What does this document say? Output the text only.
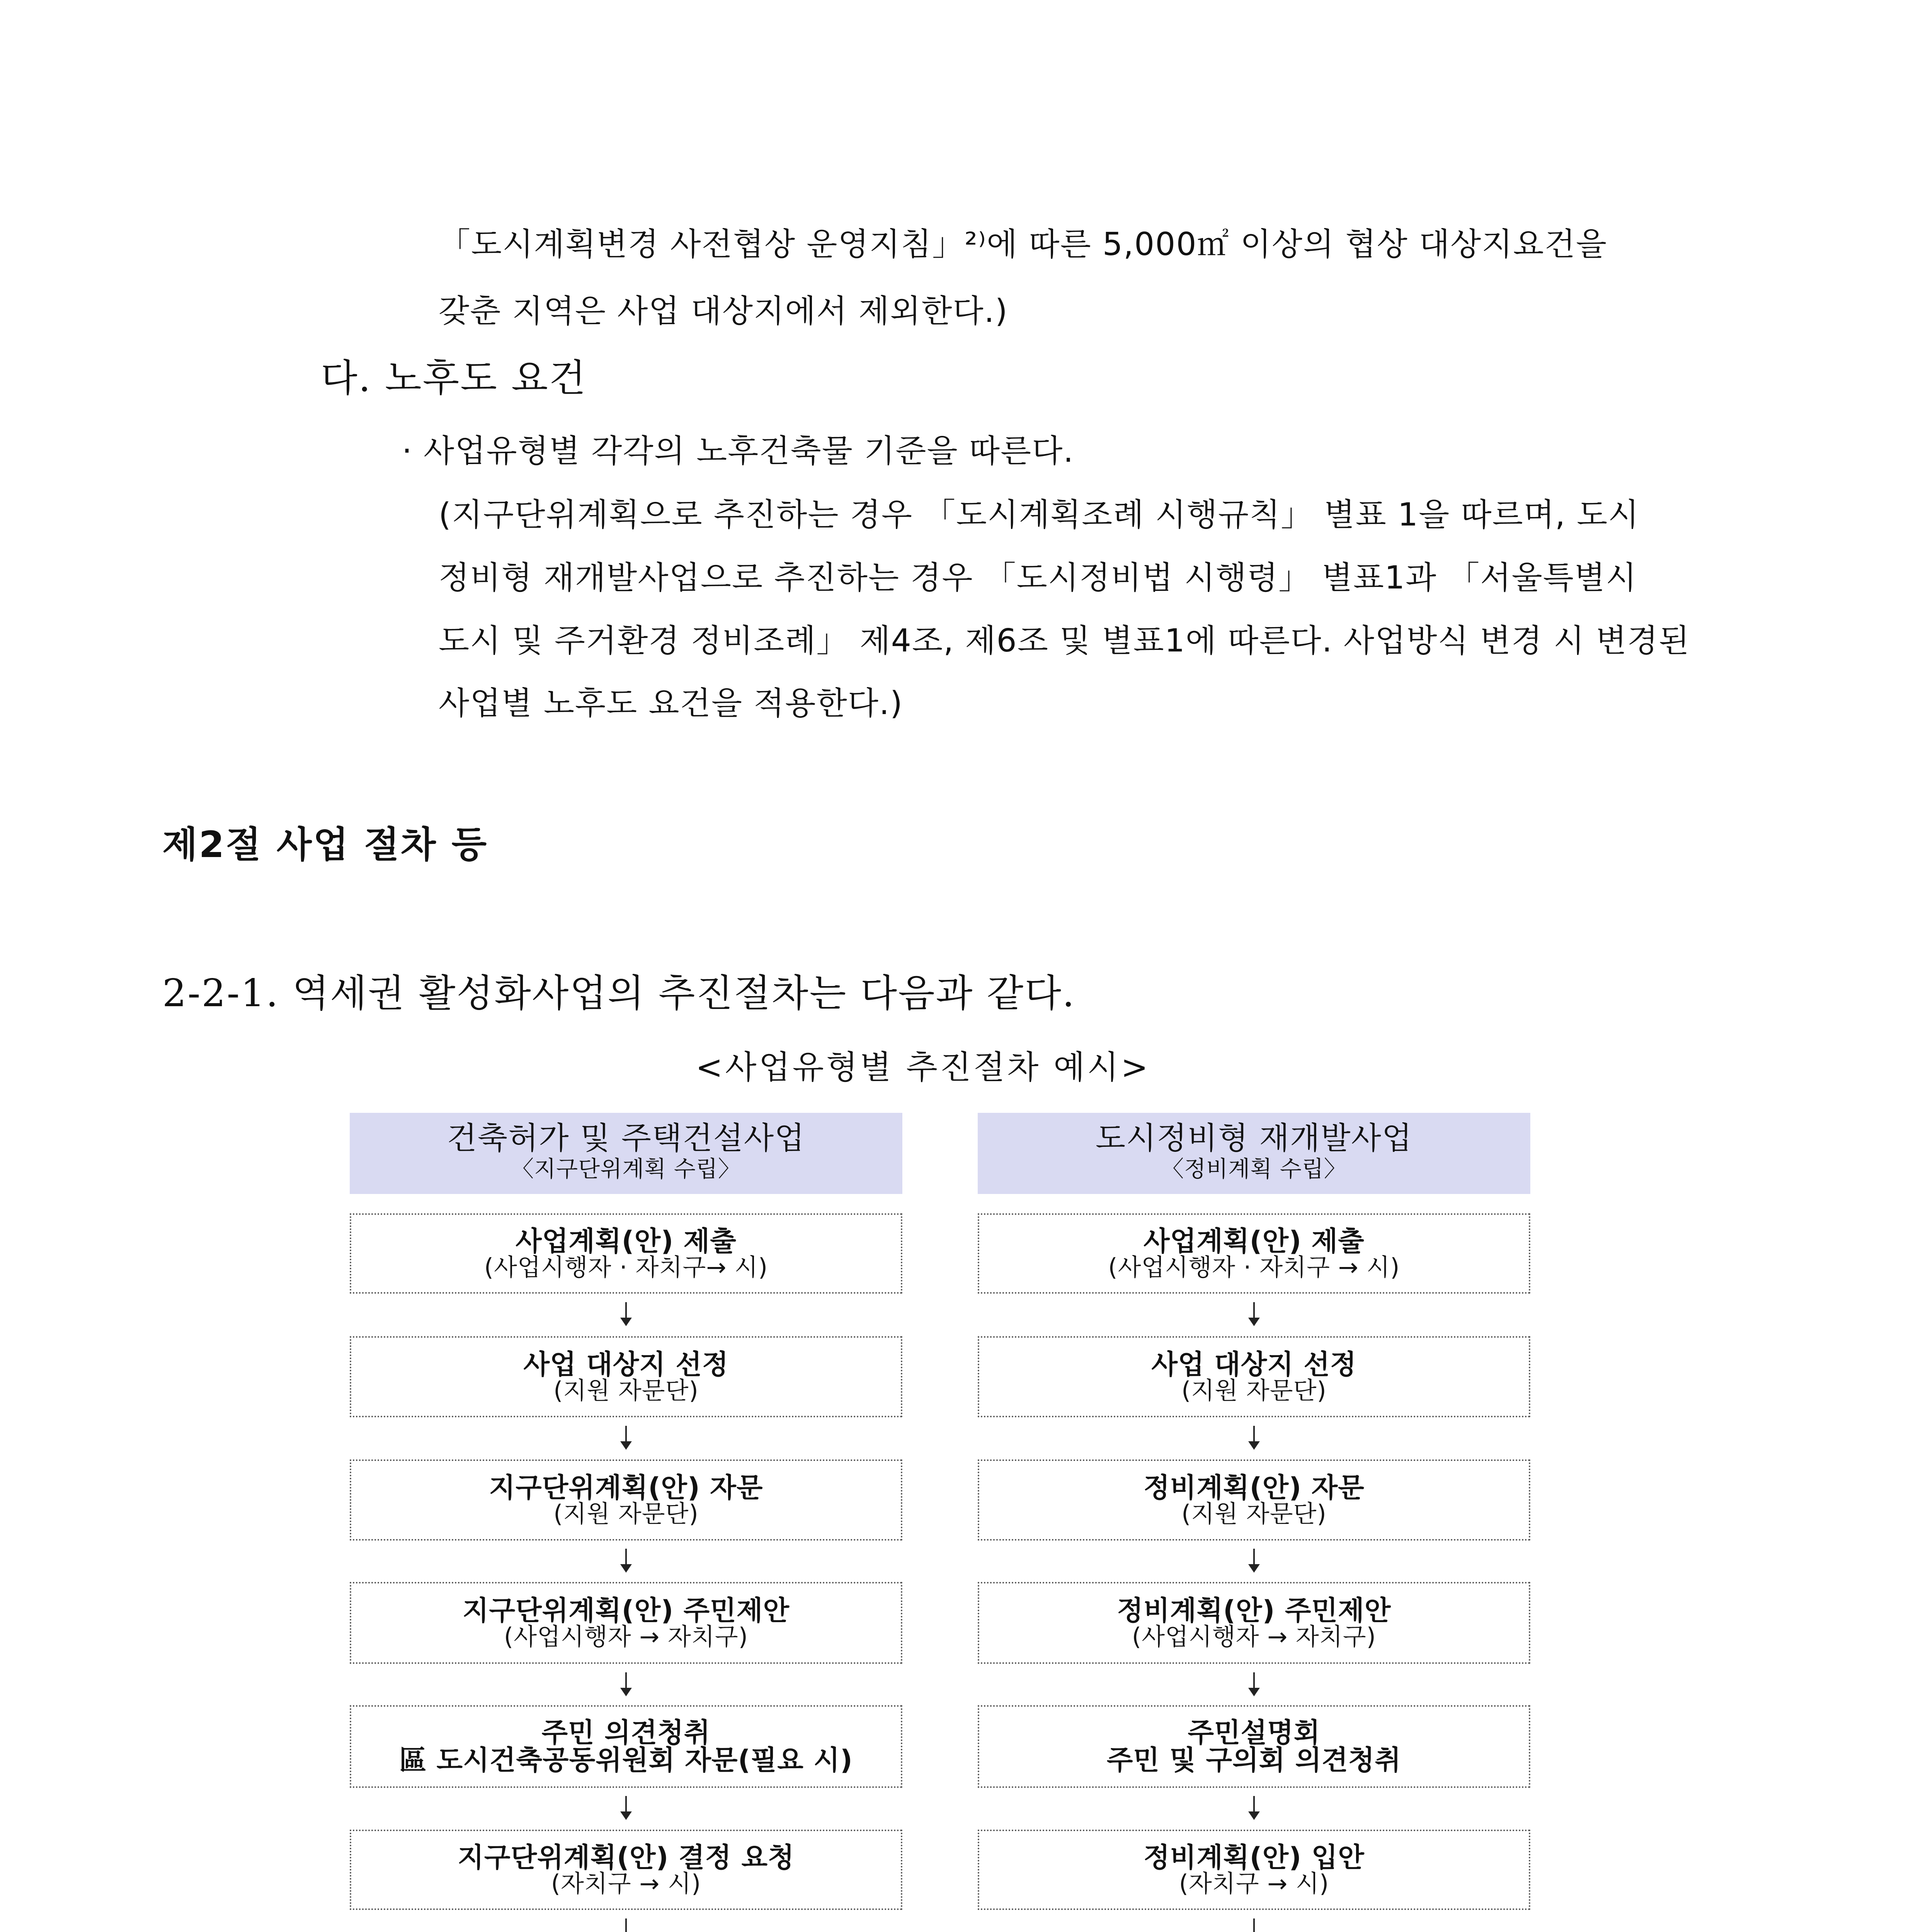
「도시계획변경 사전협상 운영지침」²⁾에 따른 5,000㎡ 이상의 협상 대상지요건을
갖춘 지역은 사업 대상지에서 제외한다.)
다. 노후도 요건
· 사업유형별 각각의 노후건축물 기준을 따른다.
(지구단위계획으로 추진하는 경우 「도시계획조례 시행규칙」 별표 1을 따르며, 도시
정비형 재개발사업으로 추진하는 경우 「도시정비법 시행령」 별표1과 「서울특별시
도시 및 주거환경 정비조례」 제4조, 제6조 및 별표1에 따른다. 사업방식 변경 시 변경된
사업별 노후도 요건을 적용한다.)
제2절 사업 절차 등
2-2-1. 역세권 활성화사업의 추진절차는 다음과 같다.
<사업유형별 추진절차 예시>
건축허가 및 주택건설사업
〈지구단위계획 수립〉
도시정비형 재개발사업
〈정비계획 수립〉
사업계획(안) 제출
(사업시행자 · 자치구→ 시)
사업 대상지 선정
(지원 자문단)
지구단위계획(안) 자문
(지원 자문단)
지구단위계획(안) 주민제안
(사업시행자 → 자치구)
주민 의견청취
區 도시건축공동위원회 자문(필요 시)
지구단위계획(안) 결정 요청
(자치구 → 시)
사업계획(안) 제출
(사업시행자 · 자치구 → 시)
사업 대상지 선정
(지원 자문단)
정비계획(안) 자문
(지원 자문단)
정비계획(안) 주민제안
(사업시행자 → 자치구)
주민설명회
주민 및 구의회 의견청취
정비계획(안) 입안
(자치구 → 시)
